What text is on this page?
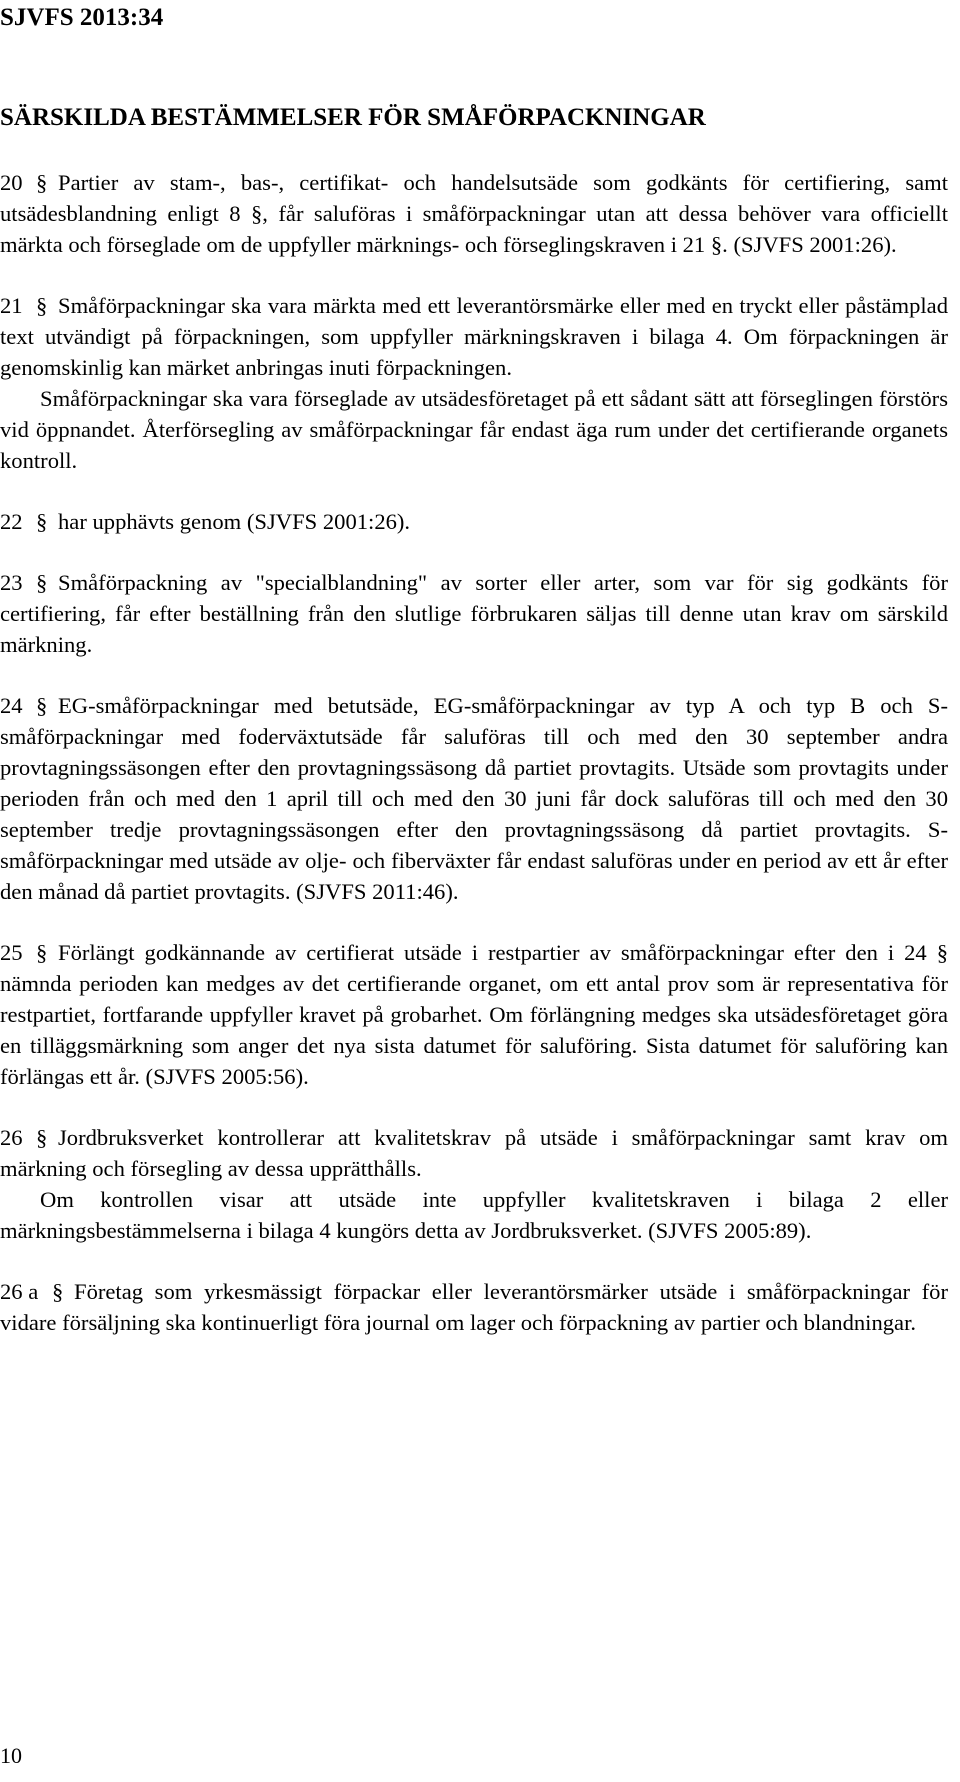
SJVFS 2013:34
SÄRSKILDA BESTÄMMELSER FÖR SMÅFÖRPACKNINGAR

20 § Partier av stam-, bas-, certifikat- och handelsutsäde som godkänts för certifiering, samt utsädesblandning enligt 8 §, får saluföras i småförpackningar utan att dessa behöver vara officiellt märkta och förseglade om de uppfyller märknings- och förseglingskraven i 21 §. (SJVFS 2001:26).

21 § Småförpackningar ska vara märkta med ett leverantörsmärke eller med en tryckt eller påstämplad text utvändigt på förpackningen, som uppfyller märkningskraven i bilaga 4. Om förpackningen är genomskinlig kan märket anbringas inuti förpackningen.

Småförpackningar ska vara förseglade av utsädesföretaget på ett sådant sätt att förseglingen förstörs vid öppnandet. Återförsegling av småförpackningar får endast äga rum under det certifierande organets kontroll.

22 § har upphävts genom (SJVFS 2001:26).

23 § Småförpackning av "specialblandning" av sorter eller arter, som var för sig godkänts för certifiering, får efter beställning från den slutlige förbrukaren säljas till denne utan krav om särskild märkning.

24 § EG-småförpackningar med betutsäde, EG-småförpackningar av typ A och typ B och S-småförpackningar med foderväxtutsäde får saluföras till och med den 30 september andra provtagningssäsongen efter den provtagningssäsong då partiet provtagits. Utsäde som provtagits under perioden från och med den 1 april till och med den 30 juni får dock saluföras till och med den 30 september tredje provtagningssäsongen efter den provtagningssäsong då partiet provtagits. S-småförpackningar med utsäde av olje- och fiberväxter får endast saluföras under en period av ett år efter den månad då partiet provtagits. (SJVFS 2011:46).

25 § Förlängt godkännande av certifierat utsäde i restpartier av småförpackningar efter den i 24 § nämnda perioden kan medges av det certifierande organet, om ett antal prov som är representativa för restpartiet, fortfarande uppfyller kravet på grobarhet. Om förlängning medges ska utsädesföretaget göra en tilläggsmärkning som anger det nya sista datumet för saluföring. Sista datumet för saluföring kan förlängas ett år. (SJVFS 2005:56).

26 § Jordbruksverket kontrollerar att kvalitetskrav på utsäde i småförpackningar samt krav om märkning och försegling av dessa upprätthålls.

Om kontrollen visar att utsäde inte uppfyller kvalitetskraven i bilaga 2 eller märkningsbestämmelserna i bilaga 4 kungörs detta av Jordbruksverket. (SJVFS 2005:89).

26 a § Företag som yrkesmässigt förpackar eller leverantörsmärker utsäde i småförpackningar för vidare försäljning ska kontinuerligt föra journal om lager och förpackning av partier och blandningar.

10
